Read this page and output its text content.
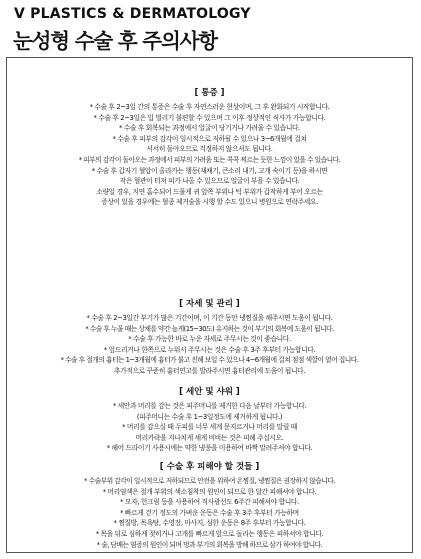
V PLASTICS & DERMATOLOGY
눈성형 수술 후 주의사항
[ 통증 ]

* 수술 후 2~3일 간의 통증은 수술 후 자연스러운 현상이며, 그 후 완화되기 시작합니다.

* 수술 후 2~3일은 입 벌리기 불편할 수 있으며 그 이후 정상적인 식사가 가능합니다.

* 수술 후 회복되는 과정에서 얼굴이 당기거나 가려울 수 있습니다.

* 수술 후 피부의 감각이 일시적으로 저하될 수 있으나 3~6개월에 걸쳐

서서히 돌아오므로 걱정하지 않으셔도 됩니다.

* 피부의 감각이 돌아오는 과정에서 피부의 가려움 또는 콕콕 찌르는 듯한 느낌이 있을 수 있습니다.

* 수술 후 갑자기 혈압이 올라가는 행동(재채기, 큰소리 내기, 고개 숙이기 등)을 하시면

작은 혈관이 터져 피가 나올 수 있으므로 얼굴이 부을 수 있습니다.

소량일 경우, 지연 흡수되어 드물게 귀 앞쪽 부위나 턱 부위가 갑작하게 부어 오르는

증상이 있을 경우에는 혈종 제거술을 시행 할 수도 있으니 병원으로 연락주세요.

[ 자세 및 관리 ]

* 수술 후 2~3일간 부기가 많은 기간이며, 이 기간 동안 냉찜질을 해주시면 도움이 됩니다.

* 수술 후 누울 때는 상체를 약간 높게(15~30도) 유지하는 것이 부기의 회복에 도움이 됩니다.

* 수술 후 가능한 바로 누운 자세로 주무시는 것이 좋습니다.

* 엎드리거나 한쪽으로 누워서 주무시는 것은 수술 후 3주 후부터 가능합니다.

* 수술 후 절개의 흉터는 1~3개월에 흉터가 붉고 진해 보일 수 있으나 4~6개월에 걸쳐 점점 색깔이 옅어 집니다.

추가적으로 꾸준히 흉터연고를 발라주시면 흉터관리에 도움이 됩니다.

[ 세안 및 샤워 ]

* 세안과 머리를 감는 것은 피주머니를 제거한 다음 날부터 가능합니다.

(피주머니는 수술 후 1~3일정도에 제거하게 됩니다.)

* 머리를 감으실 때 두피를 너무 세게 문지르거나 머리를 말릴 때

머리카락을 지나치게 세게 비비는 것은 피해 주십시오.

* 헤어 드라이기 사용시에는 약한 냉풍을 이용하여 바짝 말려주셔야 합니다.

[ 수술 후 피해야 할 것들 ]

* 수술부위 감각이 일시적으로 저하되므로 안전을 위하여 온찜질, 냉찜질은 권장하지 않습니다.

* 머리염색은 절개 부위의 색소침착의 원인이 되므로 한 달간 피해셔야 합니다.

* 모자, 헌크림 등을 사용하여 직사광선도 6주간 피해셔야 합니다.

* 빠르게 걷기 정도의 가벼운 운동은 수술 후 3주 후부터 가능하며

* 찜질방, 목욕탕, 수영장, 마사지, 심한 운동은 8주 후부터 가능합니다.

* 목을 뒤로 심하게 젖히거나 고개를 빠르게 앞으로 돌리는 행동은 피하셔야 합니다.

* 술, 담배는 염증의 원인이 되며 멍과 부기의 회복을 방해 하므로 삼가 하여야 합니다.
